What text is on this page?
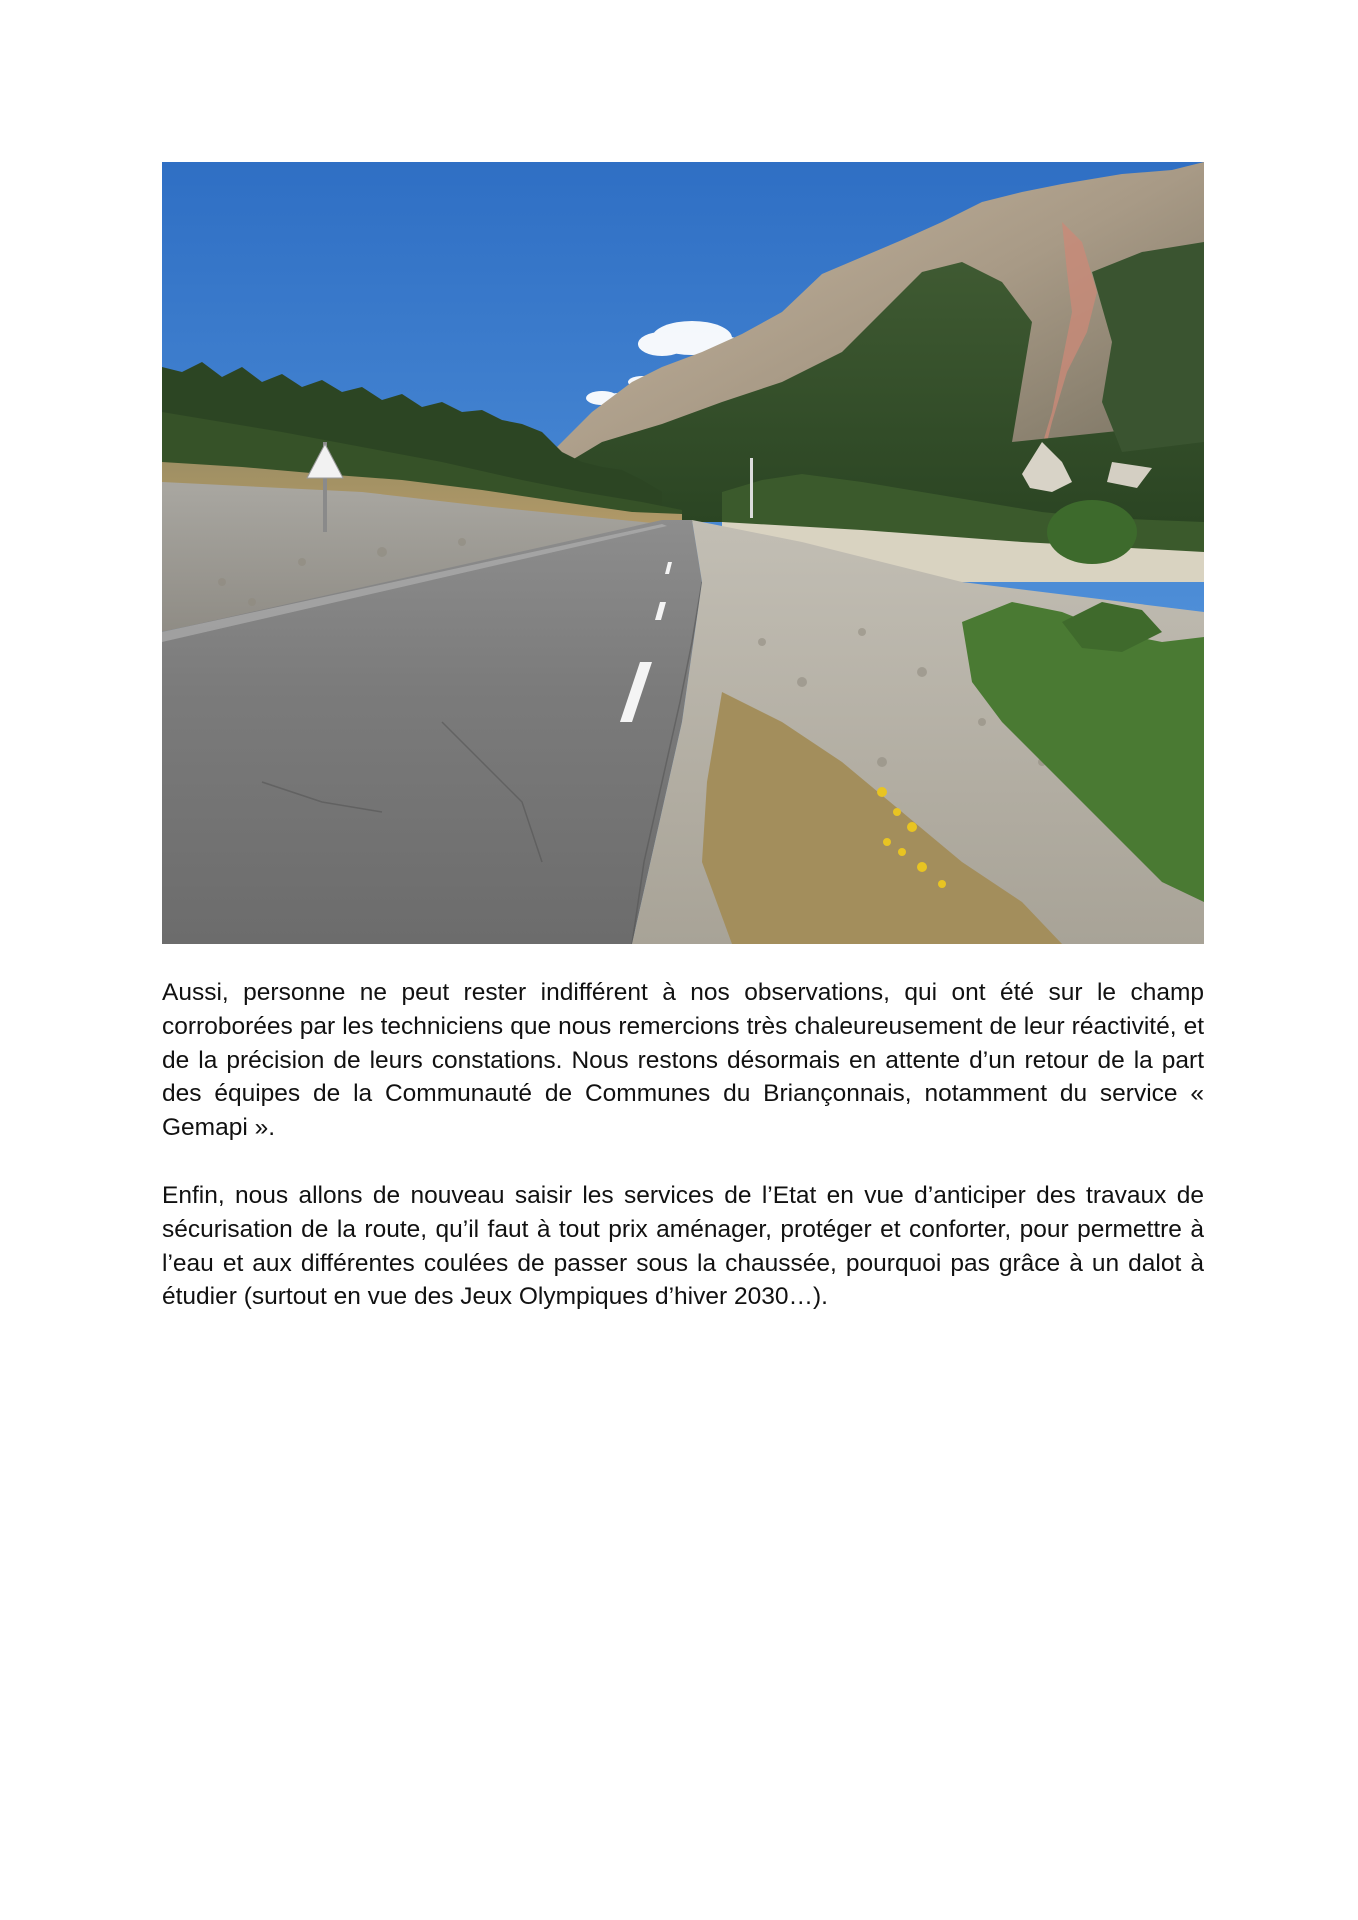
Aussi, personne ne peut rester indifférent à nos observations, qui ont été sur le champ corroborées par les techniciens que nous remercions très chaleureusement de leur réactivité, et de la précision de leurs constations. Nous restons désormais en attente d’un retour de la part des équipes de la Communauté de Communes du Briançonnais, notamment du service « Gemapi ».

Enfin, nous allons de nouveau saisir les services de l’Etat en vue d’anticiper des travaux de sécurisation de la route, qu’il faut à tout prix aménager, protéger et conforter, pour permettre à l’eau et aux différentes coulées de passer sous la chaussée, pourquoi pas grâce à un dalot à étudier (surtout en vue des Jeux Olympiques d’hiver 2030…).
